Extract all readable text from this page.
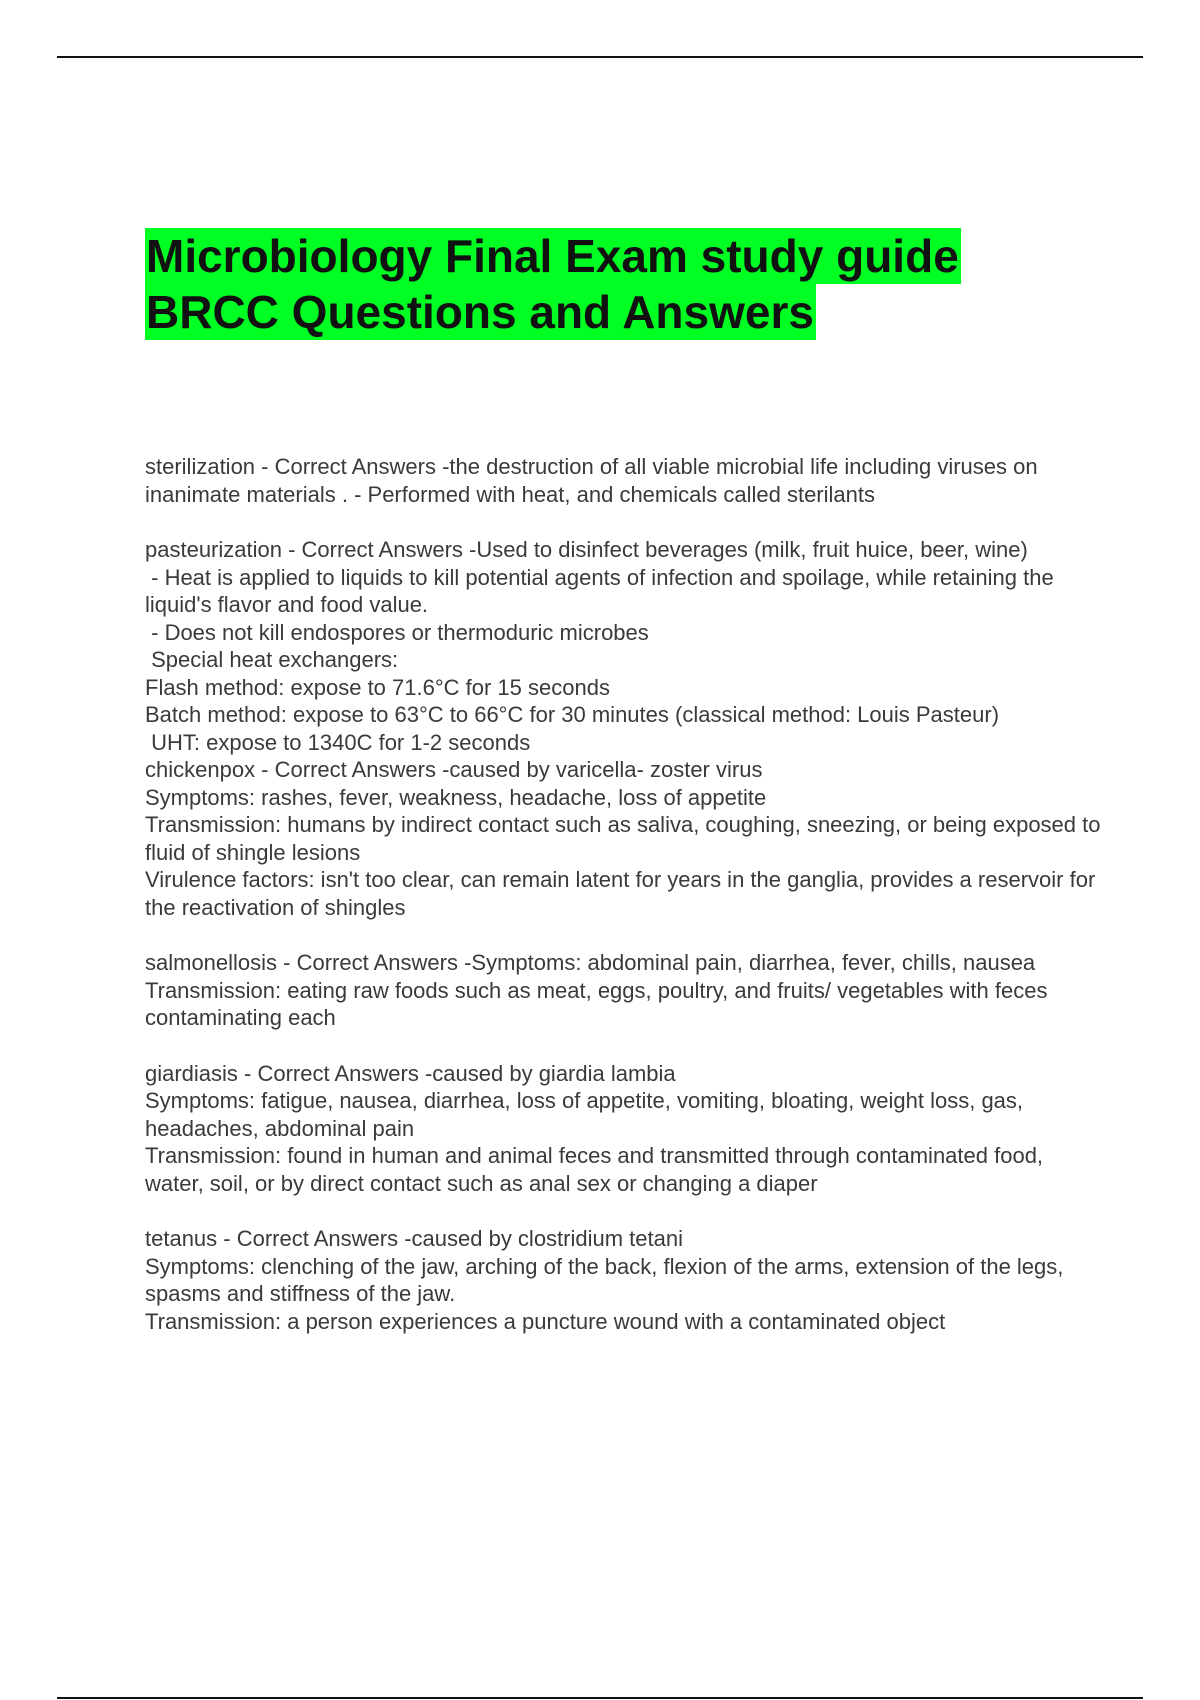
Microbiology Final Exam study guide
BRCC Questions and Answers
sterilization - Correct Answers -the destruction of all viable microbial life including viruses on inanimate materials . - Performed with heat, and chemicals called sterilants
pasteurization - Correct Answers -Used to disinfect beverages (milk, fruit huice, beer, wine)
- Heat is applied to liquids to kill potential agents of infection and spoilage, while retaining the liquid's flavor and food value.
- Does not kill endospores or thermoduric microbes
Special heat exchangers:
Flash method: expose to 71.6°C for 15 seconds
Batch method: expose to 63°C to 66°C for 30 minutes (classical method: Louis Pasteur)
UHT: expose to 1340C for 1-2 seconds
chickenpox - Correct Answers -caused by varicella- zoster virus
Symptoms: rashes, fever, weakness, headache, loss of appetite
Transmission: humans by indirect contact such as saliva, coughing, sneezing, or being exposed to fluid of shingle lesions
Virulence factors: isn't too clear, can remain latent for years in the ganglia, provides a reservoir for the reactivation of shingles
salmonellosis - Correct Answers -Symptoms: abdominal pain, diarrhea, fever, chills, nausea
Transmission: eating raw foods such as meat, eggs, poultry, and fruits/ vegetables with feces contaminating each
giardiasis - Correct Answers -caused by giardia lambia
Symptoms: fatigue, nausea, diarrhea, loss of appetite, vomiting, bloating, weight loss, gas, headaches, abdominal pain
Transmission: found in human and animal feces and transmitted through contaminated food, water, soil, or by direct contact such as anal sex or changing a diaper
tetanus - Correct Answers -caused by clostridium tetani
Symptoms: clenching of the jaw, arching of the back, flexion of the arms, extension of the legs, spasms and stiffness of the jaw.
Transmission: a person experiences a puncture wound with a contaminated object
